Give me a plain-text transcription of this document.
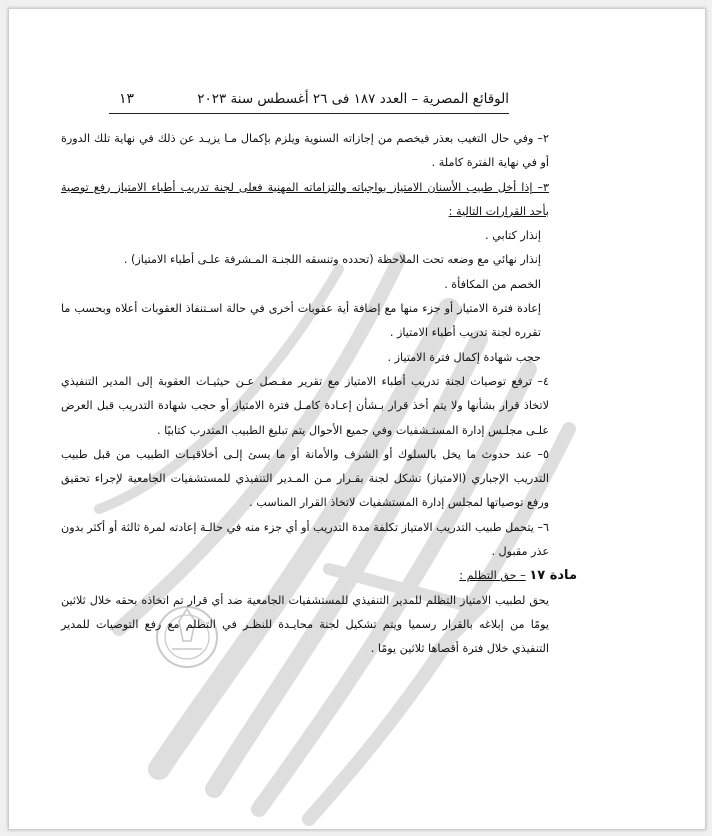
الوقائع المصرية – العدد ١٨٧ فى ٢٦ أغسطس سنة ٢٠٢٣
١٣

٢– وفي حال التغيب بعذر فيخصم من إجازاته السنوية ويلزم بإكمال مـا يزيـد عن ذلك في نهاية تلك الدورة أو في نهاية الفترة كاملة .

٣– إذا أخل طبيب الأسنان الامتياز بواجباته والتزاماته المهنية فعلى لجنة تدريب أطباء الامتياز رفع توصية بأحد القرارات التالية :

إنذار كتابي .

إنذار نهائي مع وضعه تحت الملاحظة (تحدده وتنسقه اللجنـة المـشرفة علـى أطباء الامتياز) .

الخصم من المكافأة .

إعادة فترة الامتياز أو جزء منها مع إضافة أية عقوبات أخرى في حالة اسـتنفاذ العقوبات أعلاه وبحسب ما تقرره لجنة تدريب أطباء الامتياز .

حجب شهادة إكمال فترة الامتياز .

٤– ترفع توصيات لجنة تدريب أطباء الامتياز مع تقرير مفـصل عـن حيثيـات العقوبة إلى المدير التنفيذي لاتخاذ قرار بشأنها ولا يتم أخذ قرار بـشأن إعـادة كامـل فترة الامتياز أو حجب شهادة التدريب قبل العرض علـى مجلـس إدارة المستـشفيات وفي جميع الأحوال يتم تبليغ الطبيب المتدرب كتابيًا .

٥– عند حدوث ما يخل بالسلوك أو الشرف والأمانة أو ما يسئ إلـى أخلاقيـات الطبيب من قبل طبيب التدريب الإجباري (الامتياز) تشكل لجنة بقـرار مـن المـدير التنفيذي للمستشفيات الجامعية لإجراء تحقيق ورفع توصياتها لمجلس إدارة المستشفيات لاتخاذ القرار المناسب .

٦– يتحمل طبيب التدريب الامتياز تكلفة مدة التدريب أو أي جزء منه في حالـة إعادته لمرة ثالثة أو أكثر بدون عذر مقبول .

مادة ١٧ – حق التظلم :

يحق لطبيب الامتياز التظلم للمدير التنفيذي للمستشفيات الجامعية ضد أي قرار تم اتخاذه بحقه خلال ثلاثين يومًا من إبلاغه بالقرار رسميا ويتم تشكيل لجنة محايـدة للنظـر في التظلم مع رفع التوصيات للمدير التنفيذي خلال فترة أقصاها ثلاثين يومًا .
